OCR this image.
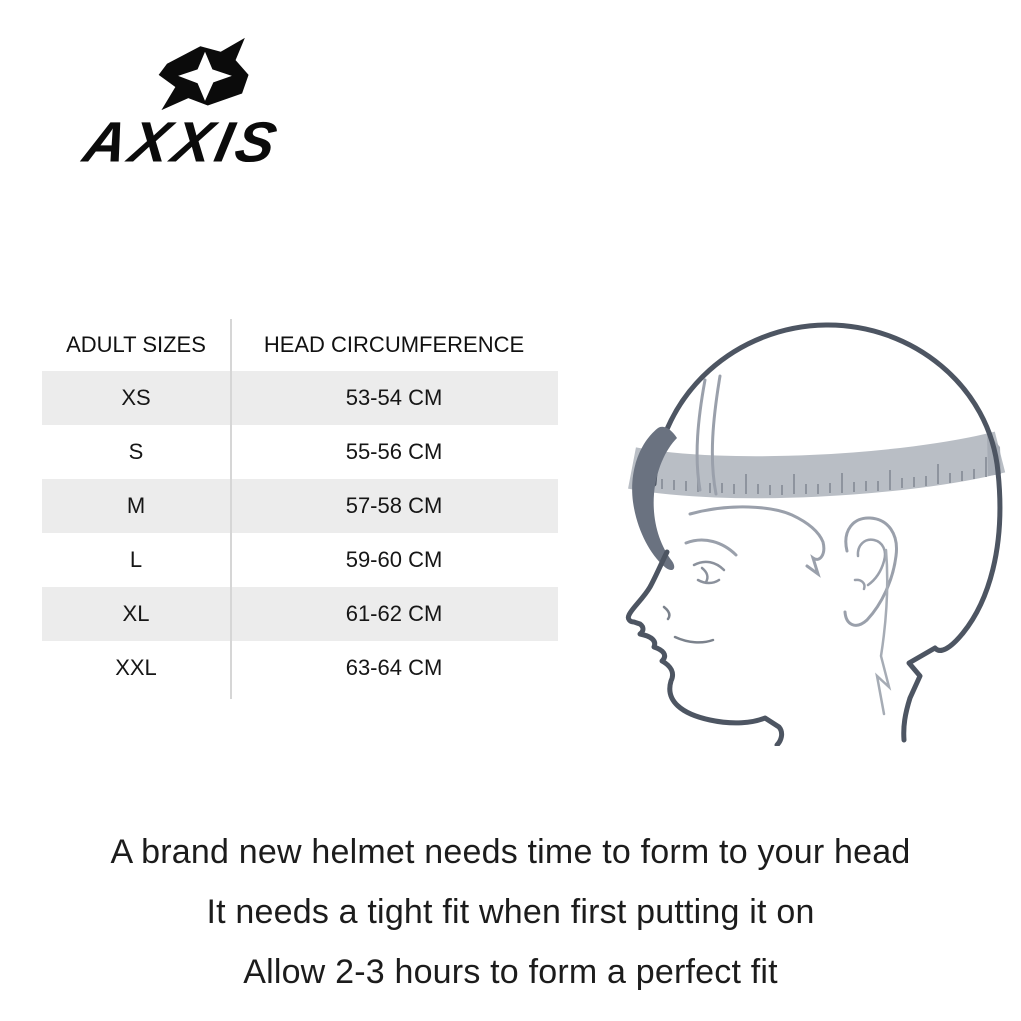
AXXIS
ADULT SIZES	HEAD CIRCUMFERENCE
XS	53-54 CM
S	55-56 CM
M	57-58 CM
L	59-60 CM
XL	61-62 CM
XXL	63-64 CM
A brand new helmet needs time to form to your head
It needs a tight fit when first putting it on
Allow 2-3 hours to form a perfect fit
